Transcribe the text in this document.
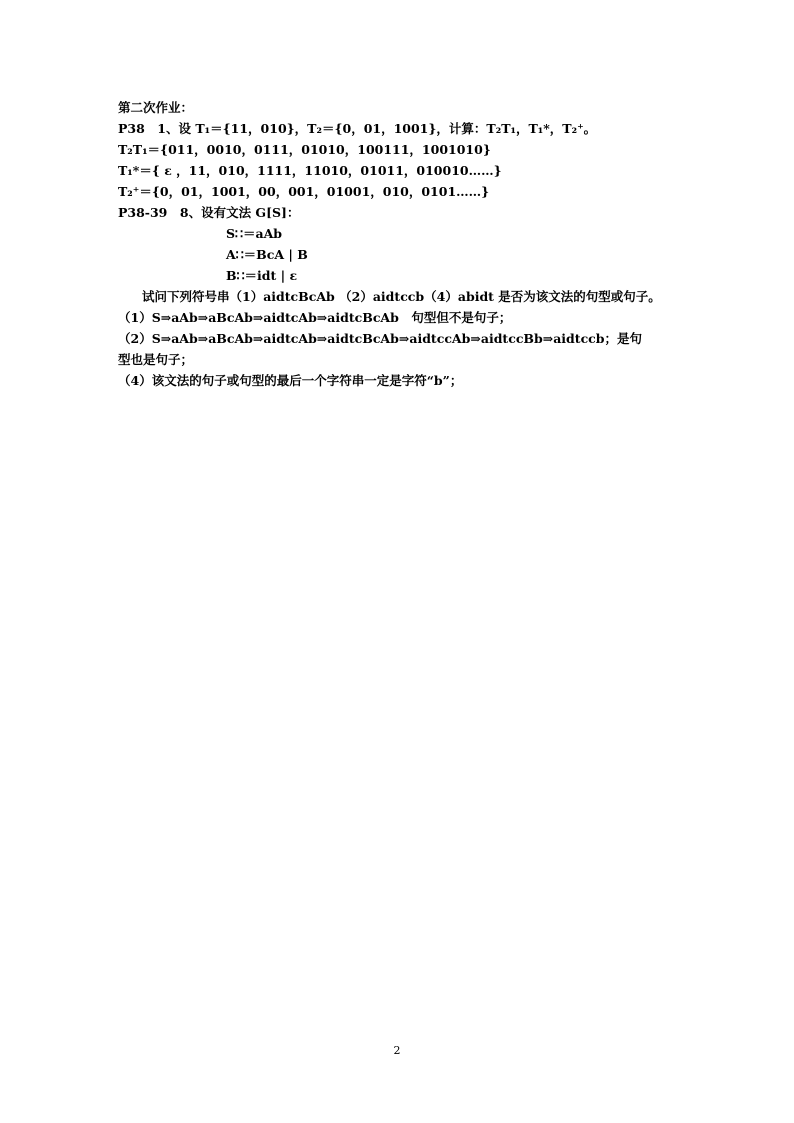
第二次作业：
P38　1、设 T₁＝{11，010}，T₂＝{0，01，1001}，计算：T₂T₁，T₁*，T₂⁺。
T₂T₁＝{011，0010，0111，01010，100111，1001010}
T₁*＝{ ε ，11，010，1111，11010，01011，010010……}
T₂⁺＝{0，01，1001，00，001，01001，010，0101……}
P38-39　8、设有文法 G[S]：
S∷＝aAb
A∷＝BcA | B
B∷＝idt | ε
试问下列符号串（1）aidtcBcAb （2）aidtccb（4）abidt 是否为该文法的句型或句子。
（1）S⇒aAb⇒aBcAb⇒aidtcAb⇒aidtcBcAb　句型但不是句子；
（2）S⇒aAb⇒aBcAb⇒aidtcAb⇒aidtcBcAb⇒aidtccAb⇒aidtccBb⇒aidtccb；是句
型也是句子；
（4）该文法的句子或句型的最后一个字符串一定是字符“b”；
2
